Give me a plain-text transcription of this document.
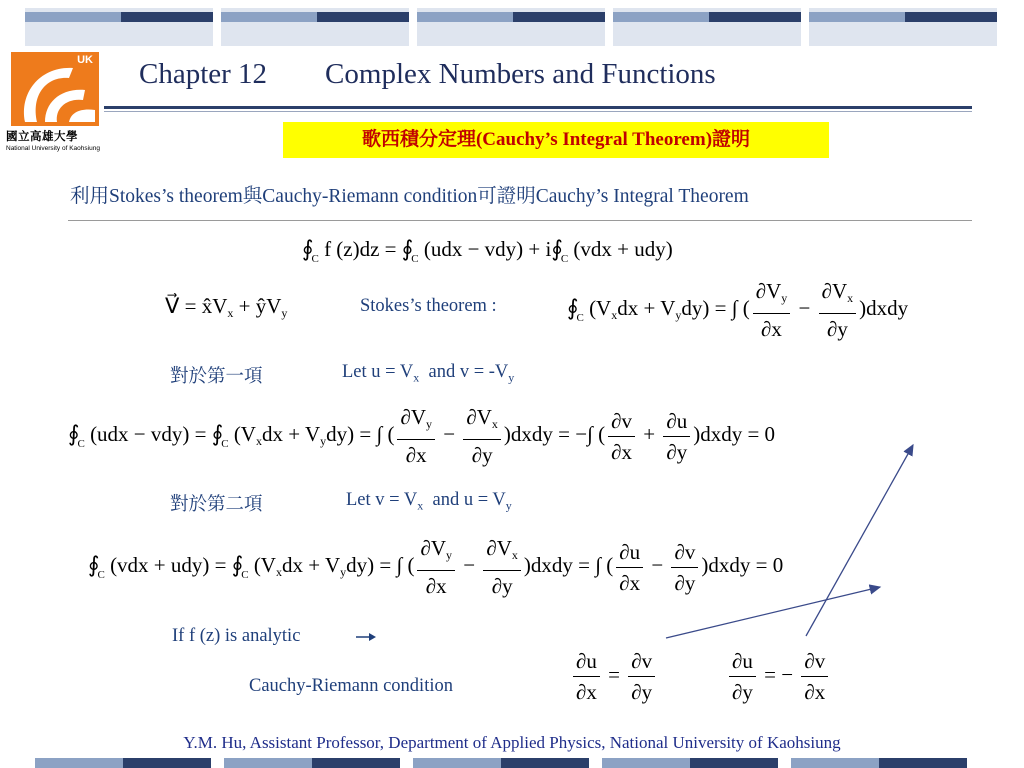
UK
國立高雄大學
National University of Kaohsiung
Chapter 12        Complex Numbers and Functions
歌西積分定理(Cauchy’s Integral Theorem)證明
利用Stokes’s theorem與Cauchy-Riemann condition可證明Cauchy’s Integral Theorem
$∮_C$ f $(z)dz = ∮_C$ $(udx - vdy) + i∮_C$ (vdx + udy)
V⃗ = $x̂V_x$ + $ŷV_y$	Stokes’s theorem :	$∮_C$ $(V_xdx + V_ydy)$ = ∫ ( $\frac{\partial V_y}{\partial x} - \frac{\partial V_x}{\partial y}$ )dxdy
對於第一項	Let $u = V_x$ and $v = -V_y$
$∮_C$ $(udx - vdy) = ∮_C$ $(V_xdx + V_ydy)$ = ∫ ( $\frac{\partial V_y}{\partial x} - \frac{\partial V_x}{\partial y}$ )dxdy = −∫ ( $\frac{\partial v}{\partial x} + \frac{\partial u}{\partial y}$ )dxdy = 0
對於第二項	Let $v = V_x$ and $u = V_y$
$∮_C$ $(vdx + udy) = ∮_C$ $(V_xdx + V_ydy)$ = ∫ ( $\frac{\partial V_y}{\partial x} - \frac{\partial V_x}{\partial y}$ )dxdy = ∫ ( $\frac{\partial u}{\partial x} - \frac{\partial v}{\partial y}$ )dxdy = 0
If f (z) is analytic
Cauchy-Riemann condition	$\frac{\partial u}{\partial x} = \frac{\partial v}{\partial y}$	$\frac{\partial u}{\partial y}$ = − $\frac{\partial v}{\partial x}$
Y.M. Hu, Assistant Professor, Department of Applied Physics, National University of Kaohsiung
